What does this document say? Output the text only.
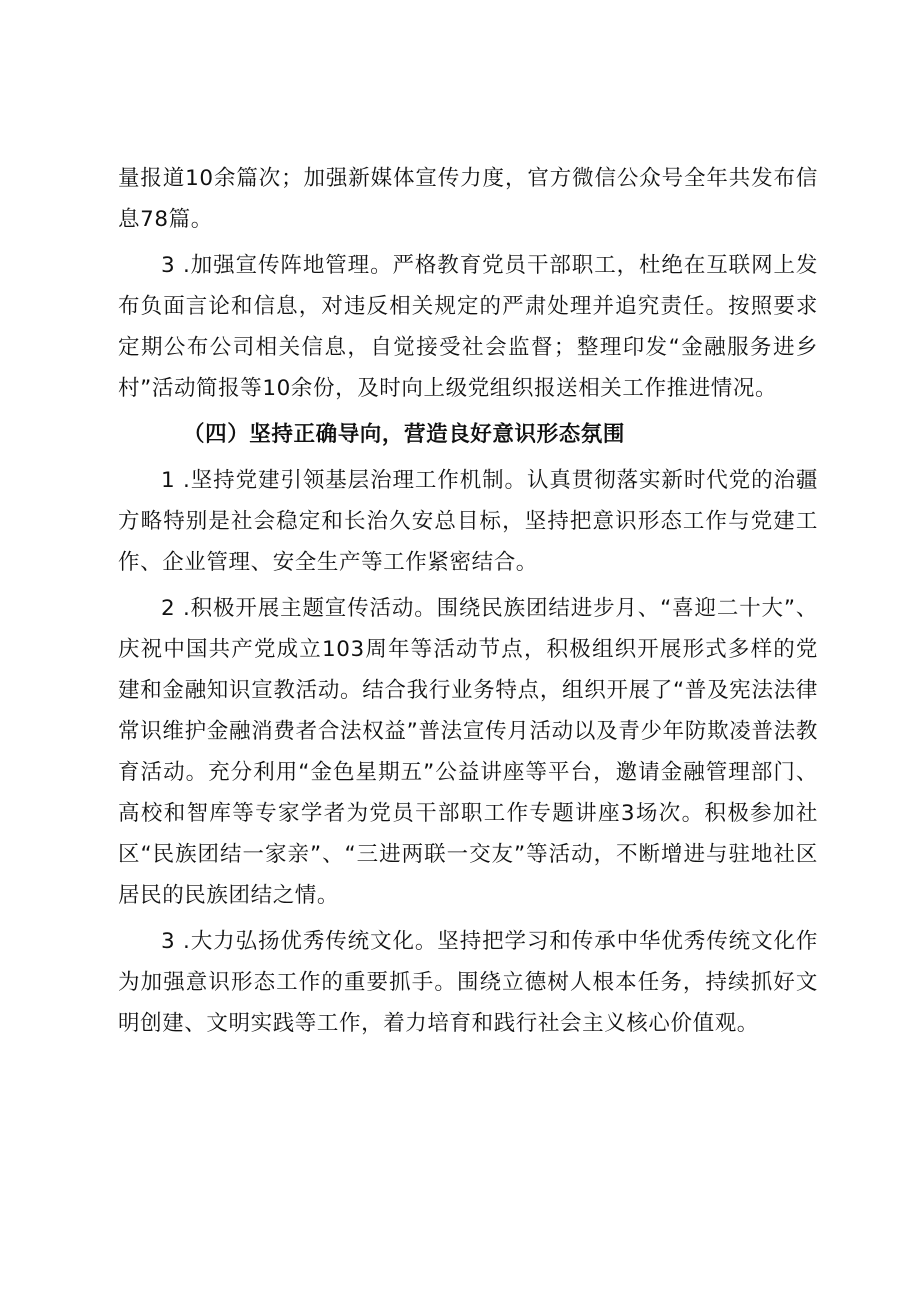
量报道10余篇次；加强新媒体宣传力度，官方微信公众号全年共发布信息78篇。

3 .加强宣传阵地管理。严格教育党员干部职工，杜绝在互联网上发布负面言论和信息，对违反相关规定的严肃处理并追究责任。按照要求定期公布公司相关信息，自觉接受社会监督；整理印发“金融服务进乡村”活动简报等10余份，及时向上级党组织报送相关工作推进情况。

（四）坚持正确导向，营造良好意识形态氛围

1 .坚持党建引领基层治理工作机制。认真贯彻落实新时代党的治疆方略特别是社会稳定和长治久安总目标，坚持把意识形态工作与党建工作、企业管理、安全生产等工作紧密结合。

2 .积极开展主题宣传活动。围绕民族团结进步月、“喜迎二十大”、庆祝中国共产党成立103周年等活动节点，积极组织开展形式多样的党建和金融知识宣教活动。结合我行业务特点，组织开展了“普及宪法法律常识维护金融消费者合法权益”普法宣传月活动以及青少年防欺凌普法教育活动。充分利用“金色星期五”公益讲座等平台，邀请金融管理部门、高校和智库等专家学者为党员干部职工作专题讲座3场次。积极参加社区“民族团结一家亲”、“三进两联一交友”等活动，不断增进与驻地社区居民的民族团结之情。

3 .大力弘扬优秀传统文化。坚持把学习和传承中华优秀传统文化作为加强意识形态工作的重要抓手。围绕立德树人根本任务，持续抓好文明创建、文明实践等工作，着力培育和践行社会主义核心价值观。
